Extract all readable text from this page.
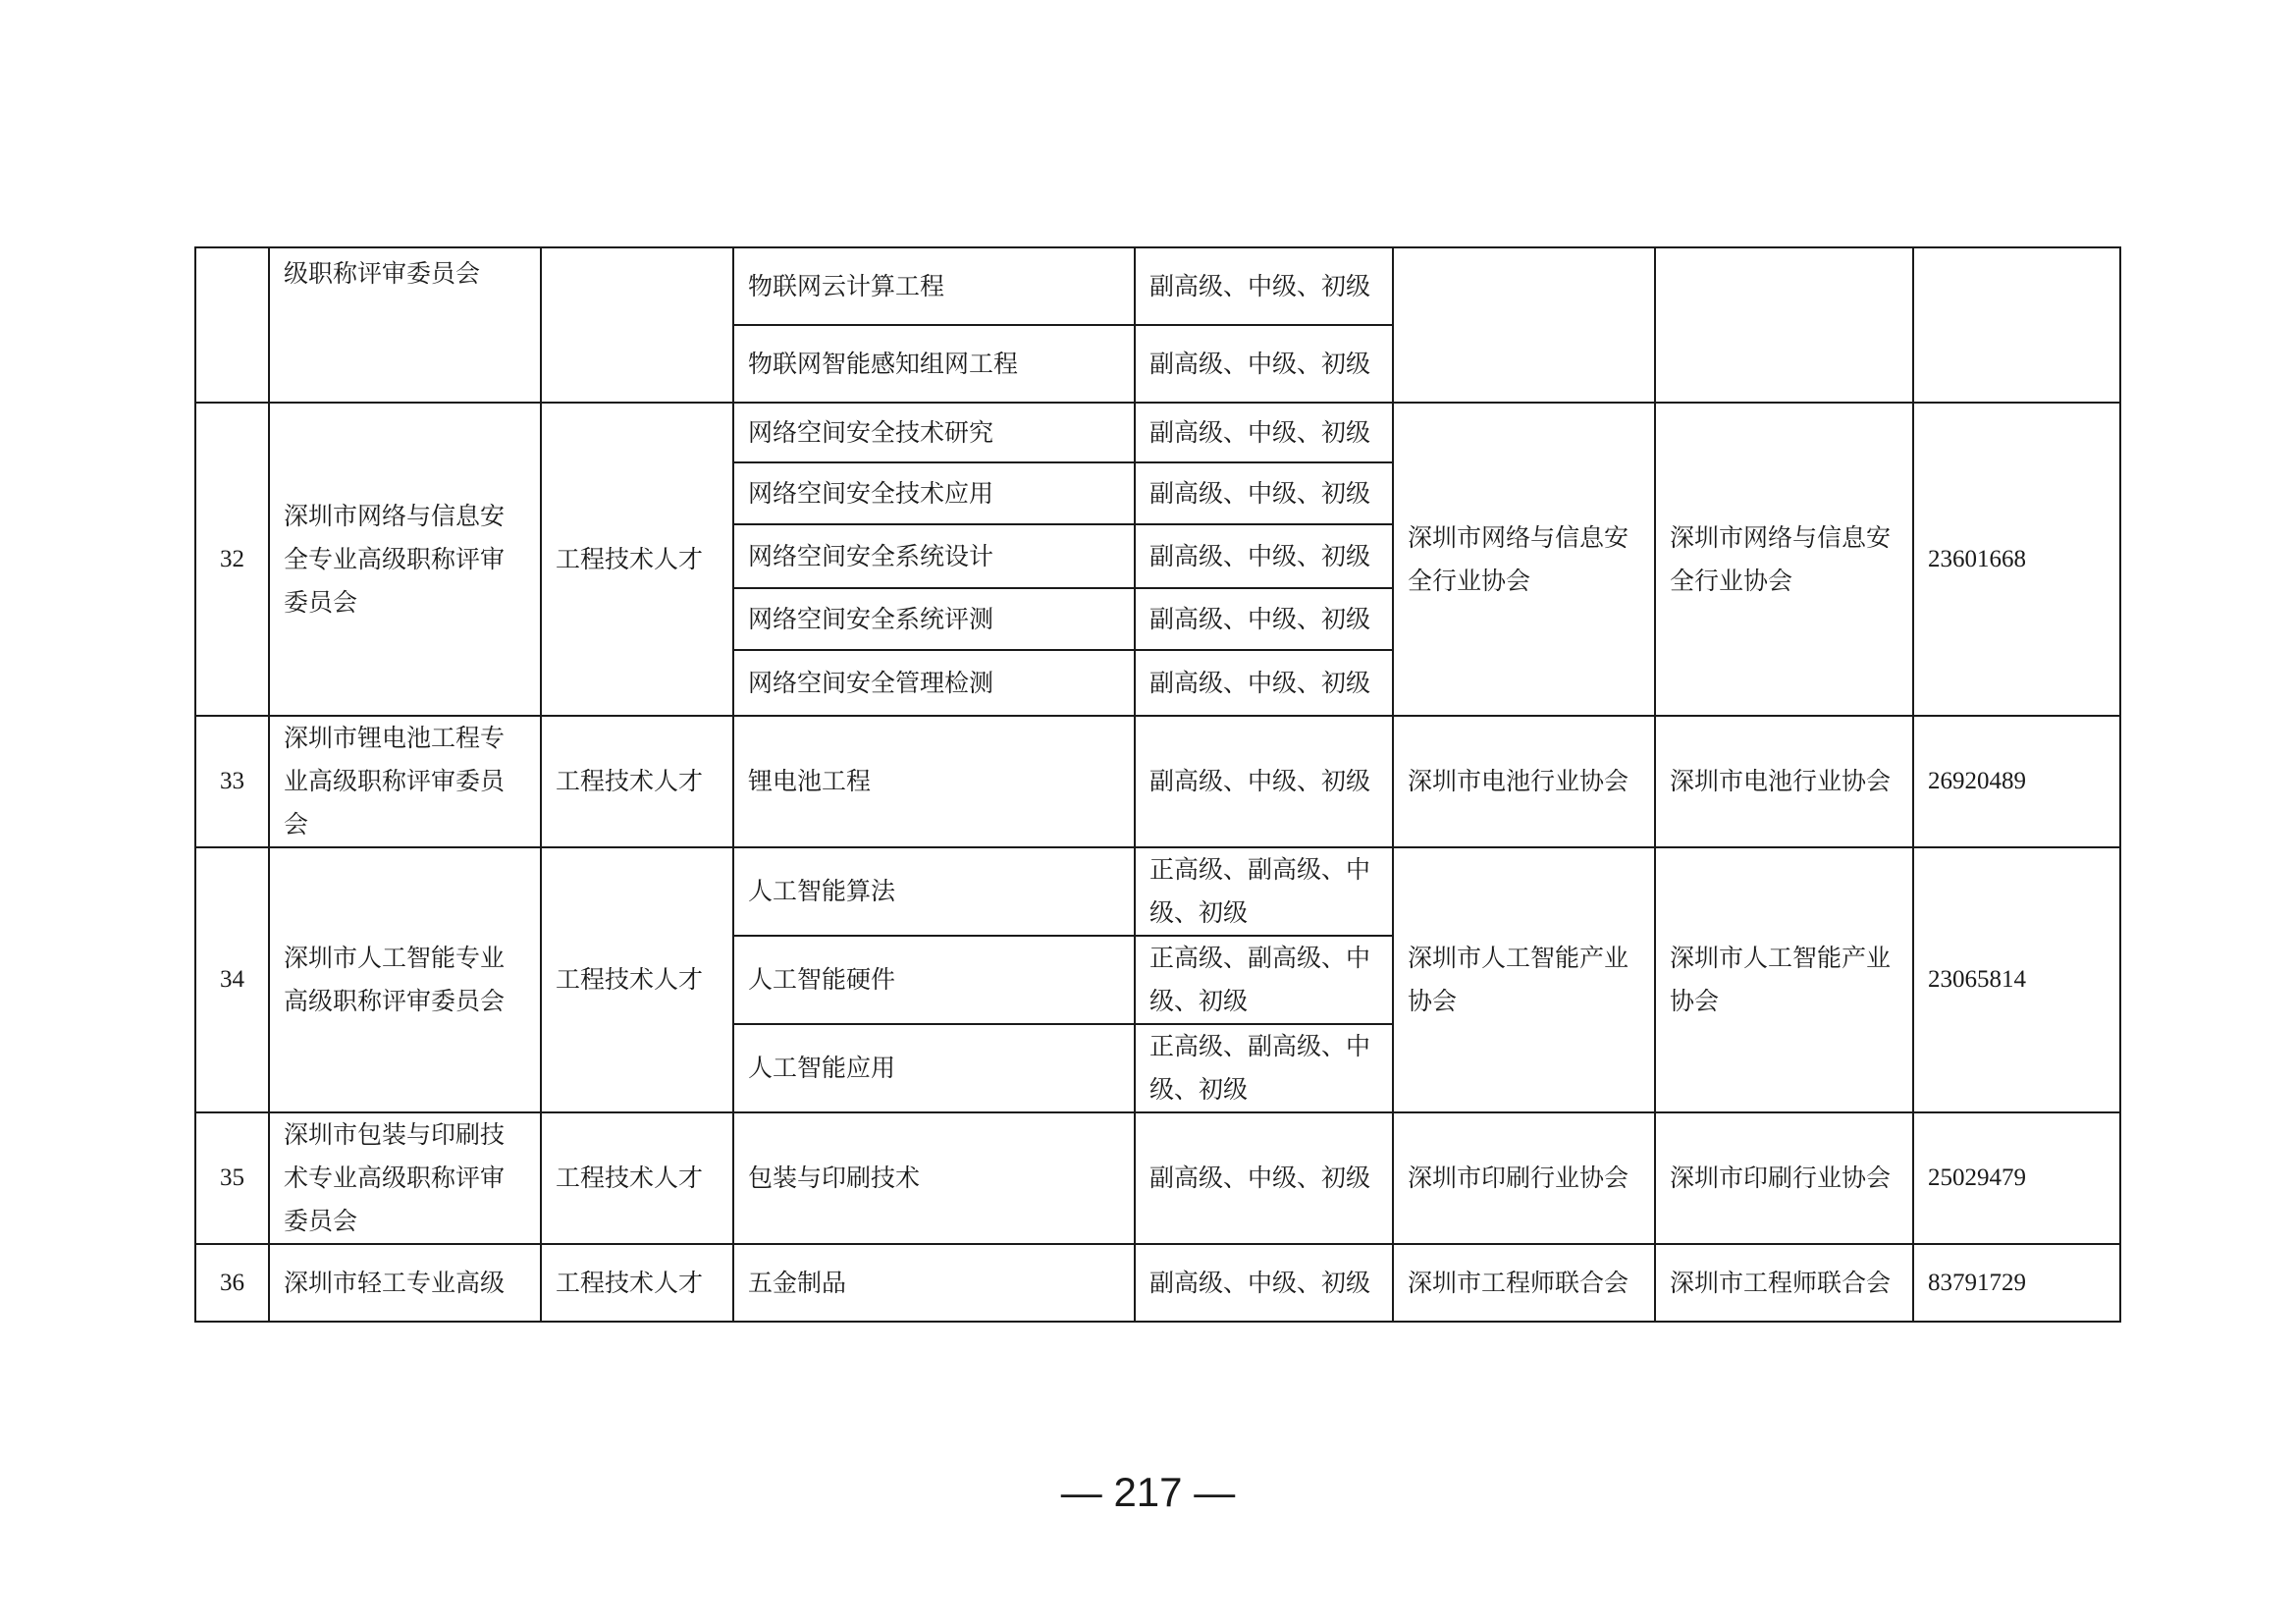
	级职称评审委员会		物联网云计算工程	副高级、中级、初级			
			物联网智能感知组网工程	副高级、中级、初级			
32	深圳市网络与信息安全专业高级职称评审委员会	工程技术人才	网络空间安全技术研究	副高级、中级、初级	深圳市网络与信息安全行业协会	深圳市网络与信息安全行业协会	23601668
			网络空间安全技术应用	副高级、中级、初级			
			网络空间安全系统设计	副高级、中级、初级			
			网络空间安全系统评测	副高级、中级、初级			
			网络空间安全管理检测	副高级、中级、初级			
33	深圳市锂电池工程专业高级职称评审委员会	工程技术人才	锂电池工程	副高级、中级、初级	深圳市电池行业协会	深圳市电池行业协会	26920489
34	深圳市人工智能专业高级职称评审委员会	工程技术人才	人工智能算法	正高级、副高级、中级、初级	深圳市人工智能产业协会	深圳市人工智能产业协会	23065814
			人工智能硬件	正高级、副高级、中级、初级			
			人工智能应用	正高级、副高级、中级、初级			
35	深圳市包装与印刷技术专业高级职称评审委员会	工程技术人才	包装与印刷技术	副高级、中级、初级	深圳市印刷行业协会	深圳市印刷行业协会	25029479
36	深圳市轻工专业高级	工程技术人才	五金制品	副高级、中级、初级	深圳市工程师联合会	深圳市工程师联合会	83791729
— 217 —
